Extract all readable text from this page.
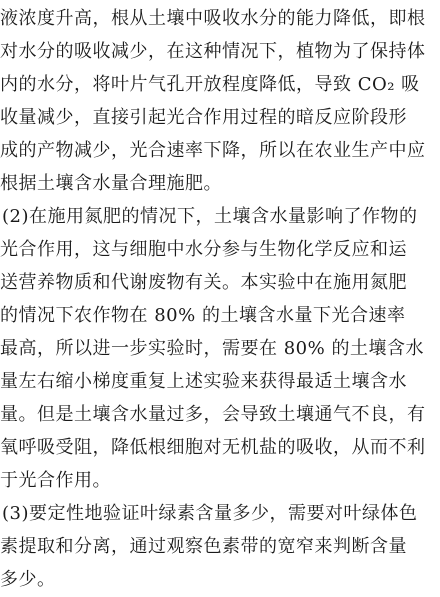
液浓度升高，根从土壤中吸收水分的能力降低，即根
对水分的吸收减少，在这种情况下，植物为了保持体
内的水分，将叶片气孔开放程度降低，导致 CO₂ 吸
收量减少，直接引起光合作用过程的暗反应阶段形
成的产物减少，光合速率下降，所以在农业生产中应
根据土壤含水量合理施肥。
(2)在施用氮肥的情况下，土壤含水量影响了作物的
光合作用，这与细胞中水分参与生物化学反应和运
送营养物质和代谢废物有关。本实验中在施用氮肥
的情况下农作物在 80% 的土壤含水量下光合速率
最高，所以进一步实验时，需要在 80% 的土壤含水
量左右缩小梯度重复上述实验来获得最适土壤含水
量。但是土壤含水量过多，会导致土壤通气不良，有
氧呼吸受阻，降低根细胞对无机盐的吸收，从而不利
于光合作用。
(3)要定性地验证叶绿素含量多少，需要对叶绿体色
素提取和分离，通过观察色素带的宽窄来判断含量
多少。
